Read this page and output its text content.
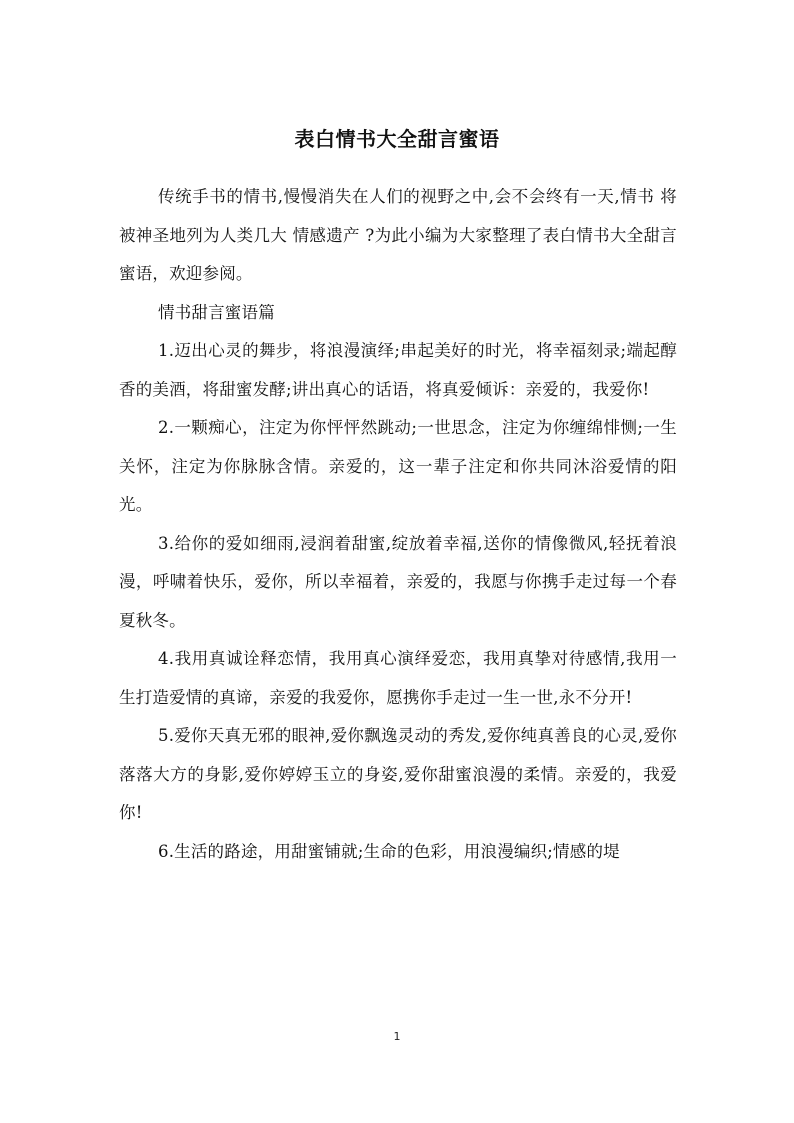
表白情书大全甜言蜜语

传统手书的情书,慢慢消失在人们的视野之中,会不会终有一天,情书 将被神圣地列为人类几大 情感遗产 ?为此小编为大家整理了表白情书大全甜言蜜语，欢迎参阅。

情书甜言蜜语篇

1.迈出心灵的舞步，将浪漫演绎;串起美好的时光，将幸福刻录;端起醇香的美酒，将甜蜜发酵;讲出真心的话语，将真爱倾诉：亲爱的，我爱你!

2.一颗痴心，注定为你怦怦然跳动;一世思念，注定为你缠绵悱恻;一生关怀，注定为你脉脉含情。亲爱的，这一辈子注定和你共同沐浴爱情的阳光。

3.给你的爱如细雨,浸润着甜蜜,绽放着幸福,送你的情像微风,轻抚着浪漫，呼啸着快乐，爱你，所以幸福着，亲爱的，我愿与你携手走过每一个春夏秋冬。

4.我用真诚诠释恋情，我用真心演绎爱恋，我用真挚对待感情,我用一生打造爱情的真谛，亲爱的我爱你，愿携你手走过一生一世,永不分开!

5.爱你天真无邪的眼神,爱你飘逸灵动的秀发,爱你纯真善良的心灵,爱你落落大方的身影,爱你婷婷玉立的身姿,爱你甜蜜浪漫的柔情。亲爱的，我爱你!

6.生活的路途，用甜蜜铺就;生命的色彩，用浪漫编织;情感的堤

1
